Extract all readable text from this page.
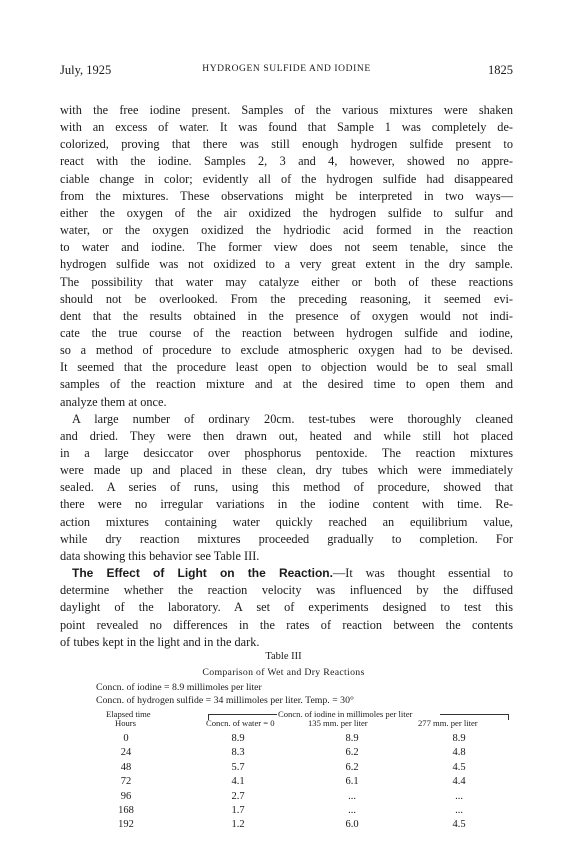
July, 1925	HYDROGEN SULFIDE AND IODINE	1825
with the free iodine present. Samples of the various mixtures were shaken
with an excess of water. It was found that Sample 1 was completely de-
colorized, proving that there was still enough hydrogen sulfide present to
react with the iodine. Samples 2, 3 and 4, however, showed no appre-
ciable change in color; evidently all of the hydrogen sulfide had disappeared
from the mixtures. These observations might be interpreted in two ways—
either the oxygen of the air oxidized the hydrogen sulfide to sulfur and
water, or the oxygen oxidized the hydriodic acid formed in the reaction
to water and iodine. The former view does not seem tenable, since the
hydrogen sulfide was not oxidized to a very great extent in the dry sample.
The possibility that water may catalyze either or both of these reactions
should not be overlooked. From the preceding reasoning, it seemed evi-
dent that the results obtained in the presence of oxygen would not indi-
cate the true course of the reaction between hydrogen sulfide and iodine,
so a method of procedure to exclude atmospheric oxygen had to be devised.
It seemed that the procedure least open to objection would be to seal small
samples of the reaction mixture and at the desired time to open them and
analyze them at once.
A large number of ordinary 20cm. test-tubes were thoroughly cleaned
and dried. They were then drawn out, heated and while still hot placed
in a large desiccator over phosphorus pentoxide. The reaction mixtures
were made up and placed in these clean, dry tubes which were immediately
sealed. A series of runs, using this method of procedure, showed that
there were no irregular variations in the iodine content with time. Re-
action mixtures containing water quickly reached an equilibrium value,
while dry reaction mixtures proceeded gradually to completion. For
data showing this behavior see Table III.
The Effect of Light on the Reaction.—It was thought essential to
determine whether the reaction velocity was influenced by the diffused
daylight of the laboratory. A set of experiments designed to test this
point revealed no differences in the rates of reaction between the contents
of tubes kept in the light and in the dark.
Table III
Comparison of Wet and Dry Reactions
Concn. of iodine = 8.9 millimoles per liter
Concn. of hydrogen sulfide = 34 millimoles per liter. Temp. = 30°
Elapsed time
Hours
Concn. of iodine in millimoles per liter
Concn. of water = 0	135 mm. per liter	277 mm. per liter
0	8.9	8.9	8.9
24	8.3	6.2	4.8
48	5.7	6.2	4.5
72	4.1	6.1	4.4
96	2.7	...	...
168	1.7	...	...
192	1.2	6.0	4.5
